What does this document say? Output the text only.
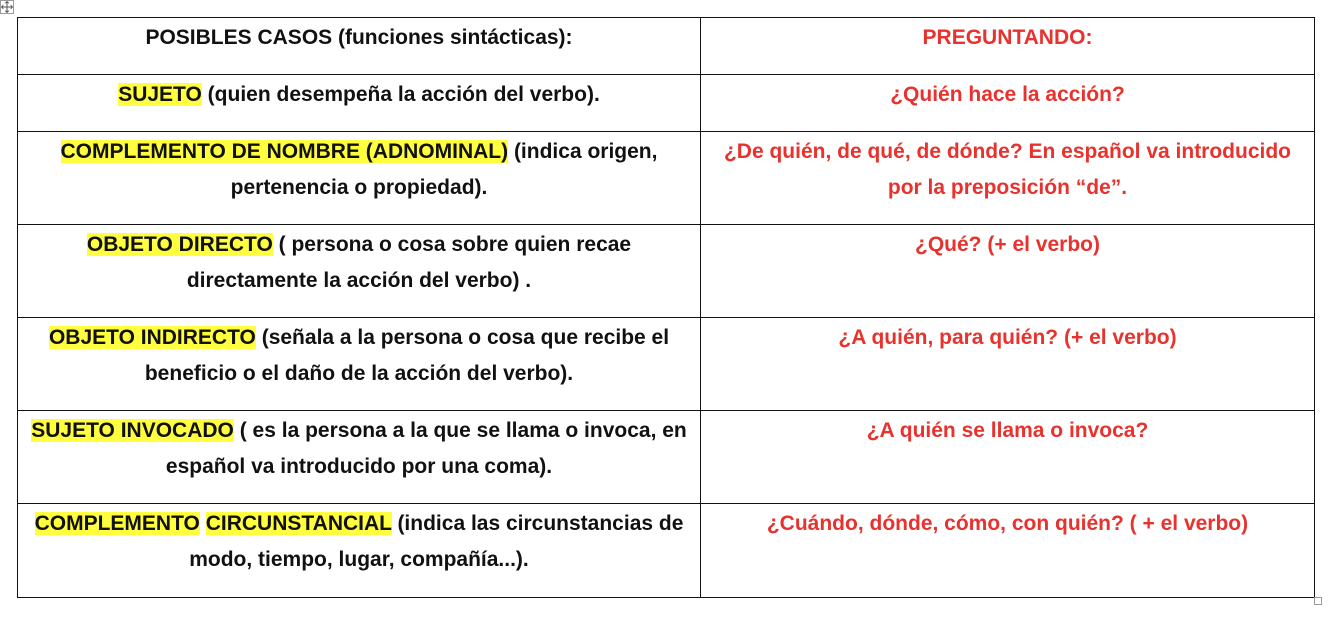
POSIBLES CASOS (funciones sintácticas):	PREGUNTANDO:
SUJETO (quien desempeña la acción del verbo).	¿Quién hace la acción?
COMPLEMENTO DE NOMBRE (ADNOMINAL) (indica origen, pertenencia o propiedad).	¿De quién, de qué, de dónde? En español va introducido por la preposición “de”.
OBJETO DIRECTO ( persona o cosa sobre quien recae directamente la acción del verbo) .	¿Qué? (+ el verbo)
OBJETO INDIRECTO (señala a la persona o cosa que recibe el beneficio o el daño de la acción del verbo).	¿A quién, para quién? (+ el verbo)
SUJETO INVOCADO ( es la persona a la que se llama o invoca, en español va introducido por una coma).	¿A quién se llama o invoca?
COMPLEMENTO CIRCUNSTANCIAL (indica las circunstancias de modo, tiempo, lugar, compañía...).	¿Cuándo, dónde, cómo, con quién? ( + el verbo)
